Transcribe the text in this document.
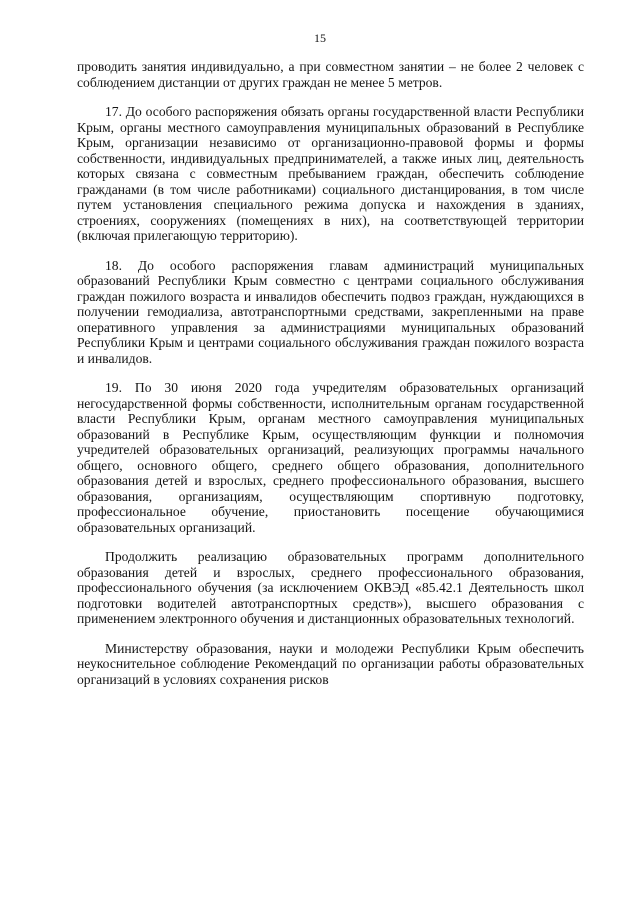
15

проводить занятия индивидуально, а при совместном занятии – не более 2 человек с соблюдением дистанции от других граждан не менее 5 метров.

17. До особого распоряжения обязать органы государственной власти Республики Крым, органы местного самоуправления муниципальных образований в Республике Крым, организации независимо от организационно-правовой формы и формы собственности, индивидуальных предпринимателей, а также иных лиц, деятельность которых связана с совместным пребыванием граждан, обеспечить соблюдение гражданами (в том числе работниками) социального дистанцирования, в том числе путем установления специального режима допуска и нахождения в зданиях, строениях, сооружениях (помещениях в них), на соответствующей территории (включая прилегающую территорию).

18. До особого распоряжения главам администраций муниципальных образований Республики Крым совместно с центрами социального обслуживания граждан пожилого возраста и инвалидов обеспечить подвоз граждан, нуждающихся в получении гемодиализа, автотранспортными средствами, закрепленными на праве оперативного управления за администрациями муниципальных образований Республики Крым и центрами социального обслуживания граждан пожилого возраста и инвалидов.

19. По 30 июня 2020 года учредителям образовательных организаций негосударственной формы собственности, исполнительным органам государственной власти Республики Крым, органам местного самоуправления муниципальных образований в Республике Крым, осуществляющим функции и полномочия учредителей образовательных организаций, реализующих программы начального общего, основного общего, среднего общего образования, дополнительного образования детей и взрослых, среднего профессионального образования, высшего образования, организациям, осуществляющим спортивную подготовку, профессиональное обучение, приостановить посещение обучающимися образовательных организаций.

Продолжить реализацию образовательных программ дополнительного образования детей и взрослых, среднего профессионального образования, профессионального обучения (за исключением ОКВЭД «85.42.1 Деятельность школ подготовки водителей автотранспортных средств»), высшего образования с применением электронного обучения и дистанционных образовательных технологий.

Министерству образования, науки и молодежи Республики Крым обеспечить неукоснительное соблюдение Рекомендаций по организации работы образовательных организаций в условиях сохранения рисков
